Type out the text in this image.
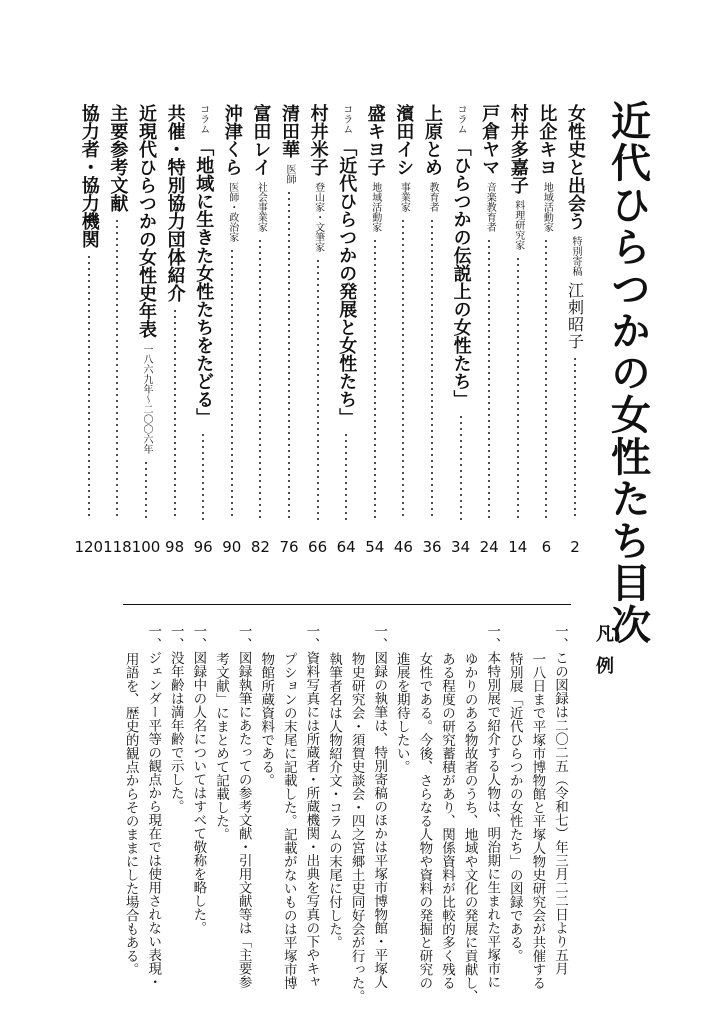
近代ひらつかの女性たち
目次
女性史と出会う
特別寄稿
江刺昭子
2
比企キヨ
地域活動家
6
村井多嘉子
料理研究家
14
戸倉ヤマ
音楽教育者
24
コラム
「ひらつかの伝説上の女性たち」
34
上原とめ
教育者
36
濱田イシ
事業家
46
盛キヨ子
地域活動家
54
コラム
「近代ひらつかの発展と女性たち」
64
村井米子
登山家・文筆家
66
清田華
医師
76
富田レイ
社会事業家
82
沖津くら
医師・政治家
90
コラム
「地域に生きた女性たちをたどる」
96
共催・特別協力団体紹介
98
近現代ひらつかの女性史年表
一八六九年〜二〇〇六年
100
主要参考文献
118
協力者・協力機関
120
凡例
一、この図録は二〇二五（令和七）年三月二二日より五月
一八日まで平塚市博物館と平塚人物史研究会が共催する
特別展「近代ひらつかの女性たち」の図録である。
一、本特別展で紹介する人物は、明治期に生まれた平塚市に
ゆかりのある物故者のうち、地域や文化の発展に貢献し、
ある程度の研究蓄積があり、関係資料が比較的多く残る
女性である。今後、さらなる人物や資料の発掘と研究の
進展を期待したい。
一、図録の執筆は、特別寄稿のほかは平塚市博物館・平塚人
物史研究会・須賀史談会・四之宮郷土史同好会が行った。
執筆者名は人物紹介文・コラムの末尾に付した。
一、資料写真には所蔵者・所蔵機関・出典を写真の下やキャ
プションの末尾に記載した。記載がないものは平塚市博
物館所蔵資料である。
一、図録執筆にあたっての参考文献・引用文献等は「主要参
考文献」にまとめて記載した。
一、図録中の人名についてはすべて敬称を略した。
一、没年齢は満年齢で示した。
一、ジェンダー平等の観点から現在では使用されない表現・
用語を、歴史的観点からそのままにした場合もある。
